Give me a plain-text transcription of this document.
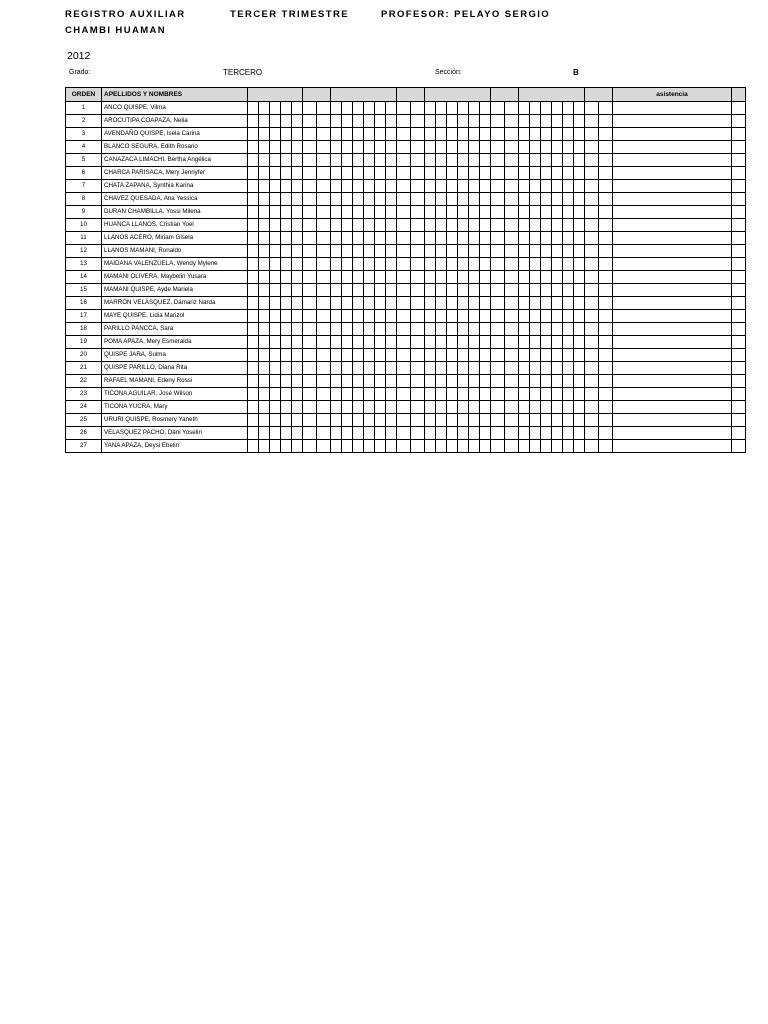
REGISTRO AUXILIAR	TERCER TRIMESTRE	PROFESOR: PELAYO SERGIO
CHAMBI HUAMAN
2012
Grado:	TERCERO	Sección:	B
ORDEN	APELLIDOS Y NOMBRES																																asistencia	
1	ANCO QUISPE, Vilma																																	
2	AROCUTIPA COAPAZA, Nelia																																	
3	AVENDAÑO QUISPE, Isela Carina																																	
4	BLANCO SEGURA, Edith Rosario																																	
5	CANAZACA LIMACHI, Bertha Angélica																																	
6	CHARCA PARISACA, Mery Jennyfer																																	
7	CHATA ZAPANA, Synthia Karina																																	
8	CHAVEZ QUESADA, Ana Yessica																																	
9	DURAN CHAMBILLA, Yossi Milena																																	
10	HUANCA LLANOS, Cristian Yoel																																	
11	LLANOS ACERO, Miriam Gisela																																	
12	LLANOS MAMANI, Ronaldo																																	
13	MAIDANA VALENZUELA, Wendy Mylene																																	
14	MAMANI OLIVERA, Maybelin Yusara																																	
15	MAMANI QUISPE, Ayde Mariela																																	
16	MARRÓN VELÁSQUEZ, Dámariz Narda																																	
17	MAYE QUISPE, Lidia Marizol																																	
18	PARILLO PANCCA, Sara																																	
19	POMA APAZA, Mery Esmeralda																																	
20	QUISPE JARA, Sulma																																	
21	QUISPE PARILLO, Diana Rita																																	
22	RAFAEL MAMANI, Edeny Rossi																																	
23	TICONA AGUILAR, José Wilson																																	
24	TICONA YUCRA, Mary																																	
25	URURI QUISPE, Rosmery Yaneth																																	
26	VELASQUEZ PACHO, Dani Yoselin																																	
27	YANA APAZA, Deysi Ebelin																																	
